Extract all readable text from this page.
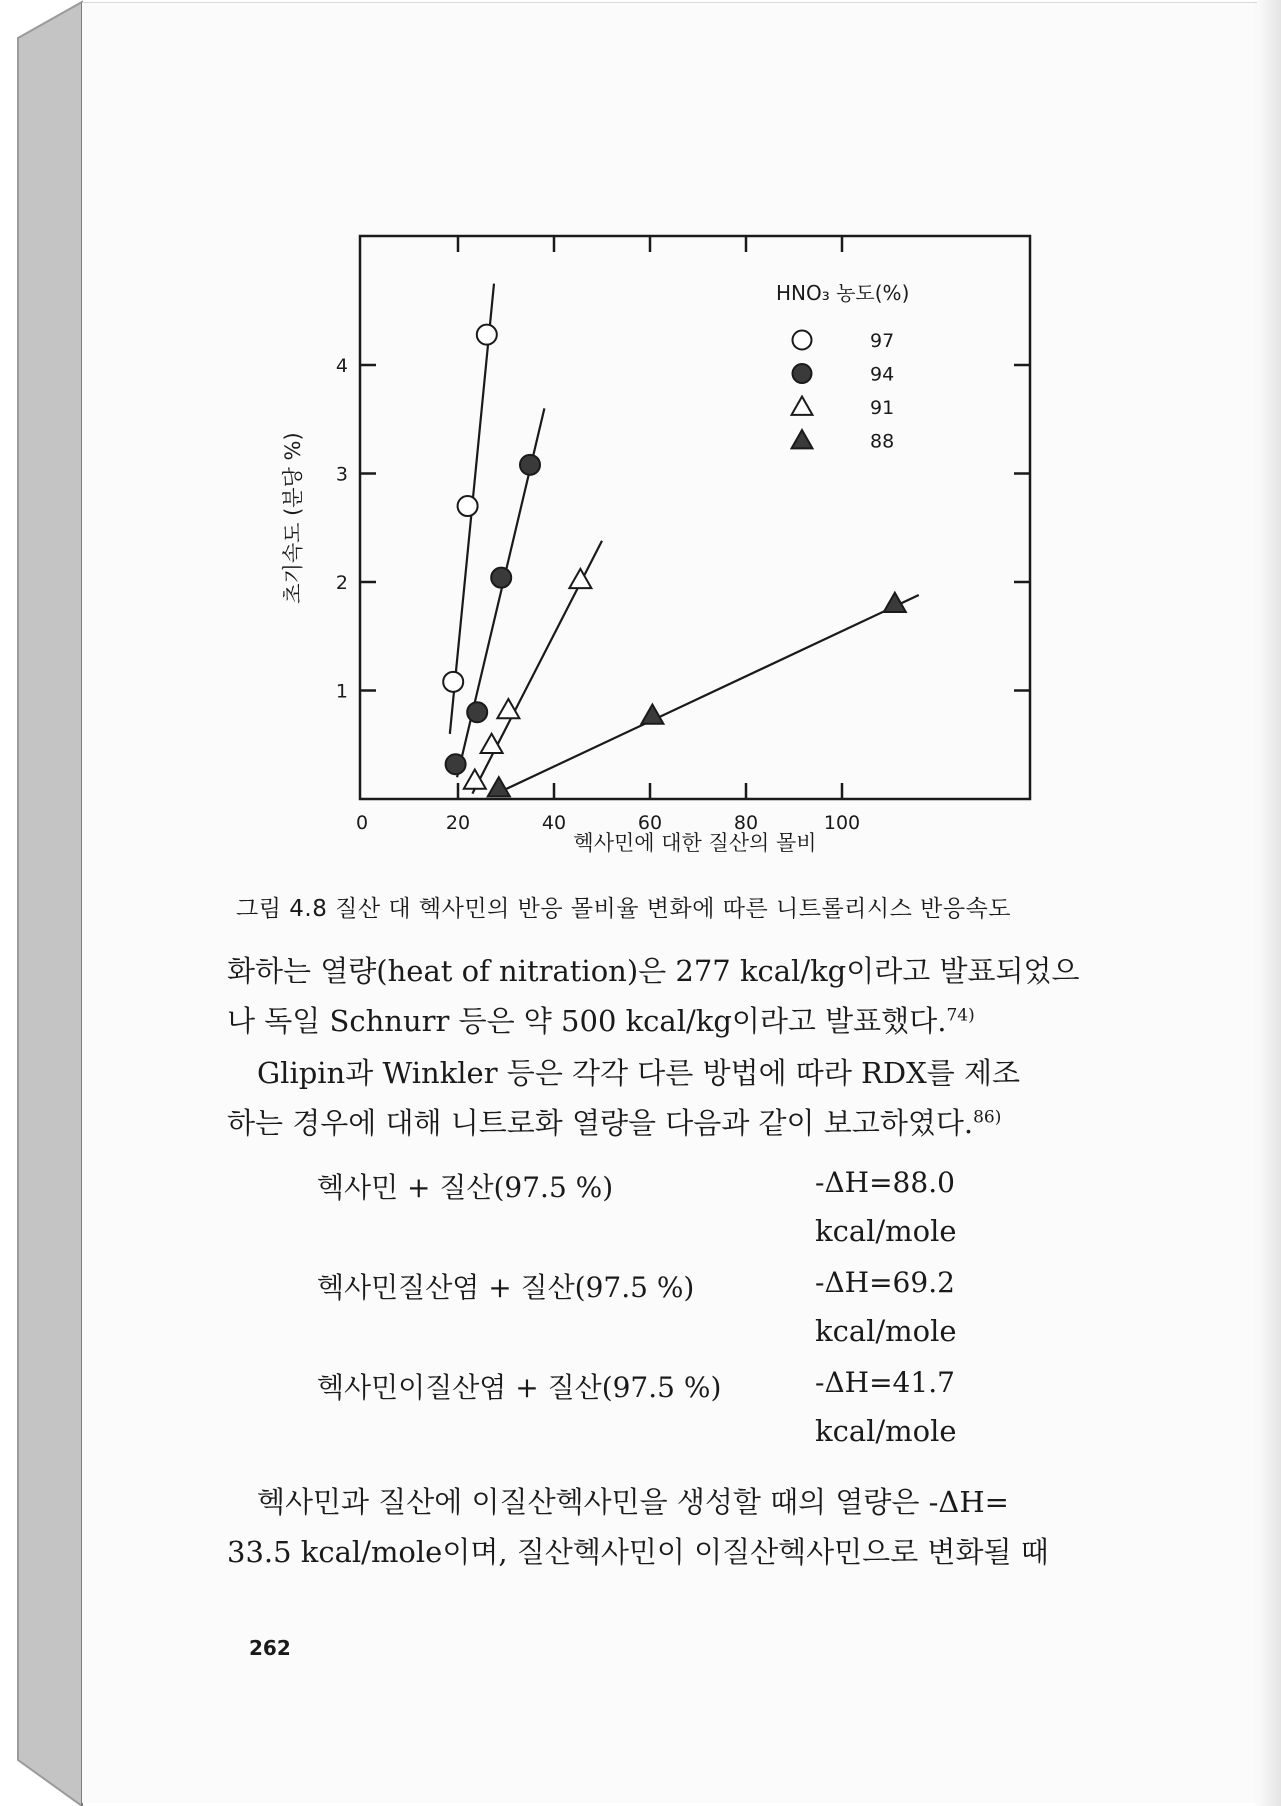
0	20	40	60	80	100
1
2
3
4
HNO₃ 농도(%)
97
94
91
88
헥사민에 대한 질산의 몰비
초기속도 (분당 %)
그림 4.8 질산 대 헥사민의 반응 몰비율 변화에 따른 니트롤리시스 반응속도
화하는 열량(heat of nitration)은 277 kcal/kg이라고 발표되었으
나 독일 Schnurr 등은 약 500 kcal/kg이라고 발표했다.$^{74)}$
Glipin과 Winkler 등은 각각 다른 방법에 따라 RDX를 제조
하는 경우에 대해 니트로화 열량을 다음과 같이 보고하였다.$^{86)}$
헥사민 + 질산(97.5 %)	-ΔH=88.0
kcal/mole
헥사민질산염 + 질산(97.5 %)	-ΔH=69.2
kcal/mole
헥사민이질산염 + 질산(97.5 %)	-ΔH=41.7
kcal/mole
헥사민과 질산에 이질산헥사민을 생성할 때의 열량은 -ΔH=
33.5 kcal/mole이며, 질산헥사민이 이질산헥사민으로 변화될 때
262
